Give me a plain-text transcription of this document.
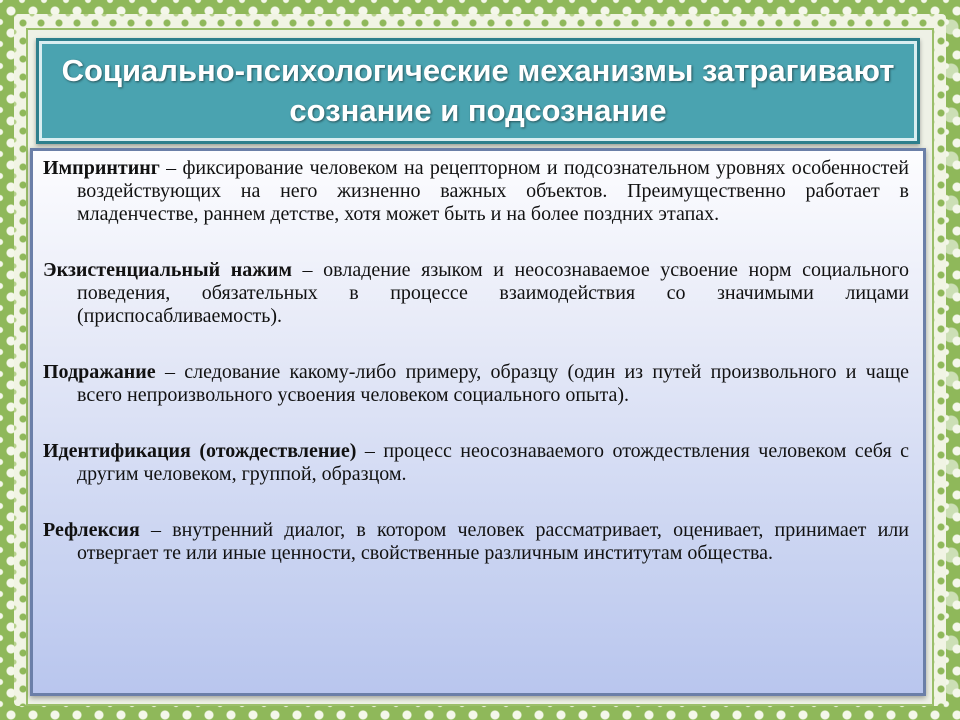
Социально-психологические механизмы затрагивают сознание и подсознание

Импринтинг – фиксирование человеком на рецепторном и подсознательном уровнях особенностей воздействующих на него жизненно важных объектов. Преимущественно работает в младенчестве, раннем детстве, хотя может быть и на более поздних этапах.

Экзистенциальный нажим – овладение языком и неосознаваемое усвоение норм социального поведения, обязательных в процессе взаимодействия со значимыми лицами (приспосабливаемость).

Подражание – следование какому-либо примеру, образцу (один из путей произвольного и чаще всего непроизвольного усвоения человеком социального опыта).

Идентификация (отождествление) – процесс неосознаваемого отождествления человеком себя с другим человеком, группой, образцом.

Рефлексия – внутренний диалог, в котором человек рассматривает, оценивает, принимает или отвергает те или иные ценности, свойственные различным институтам общества.
